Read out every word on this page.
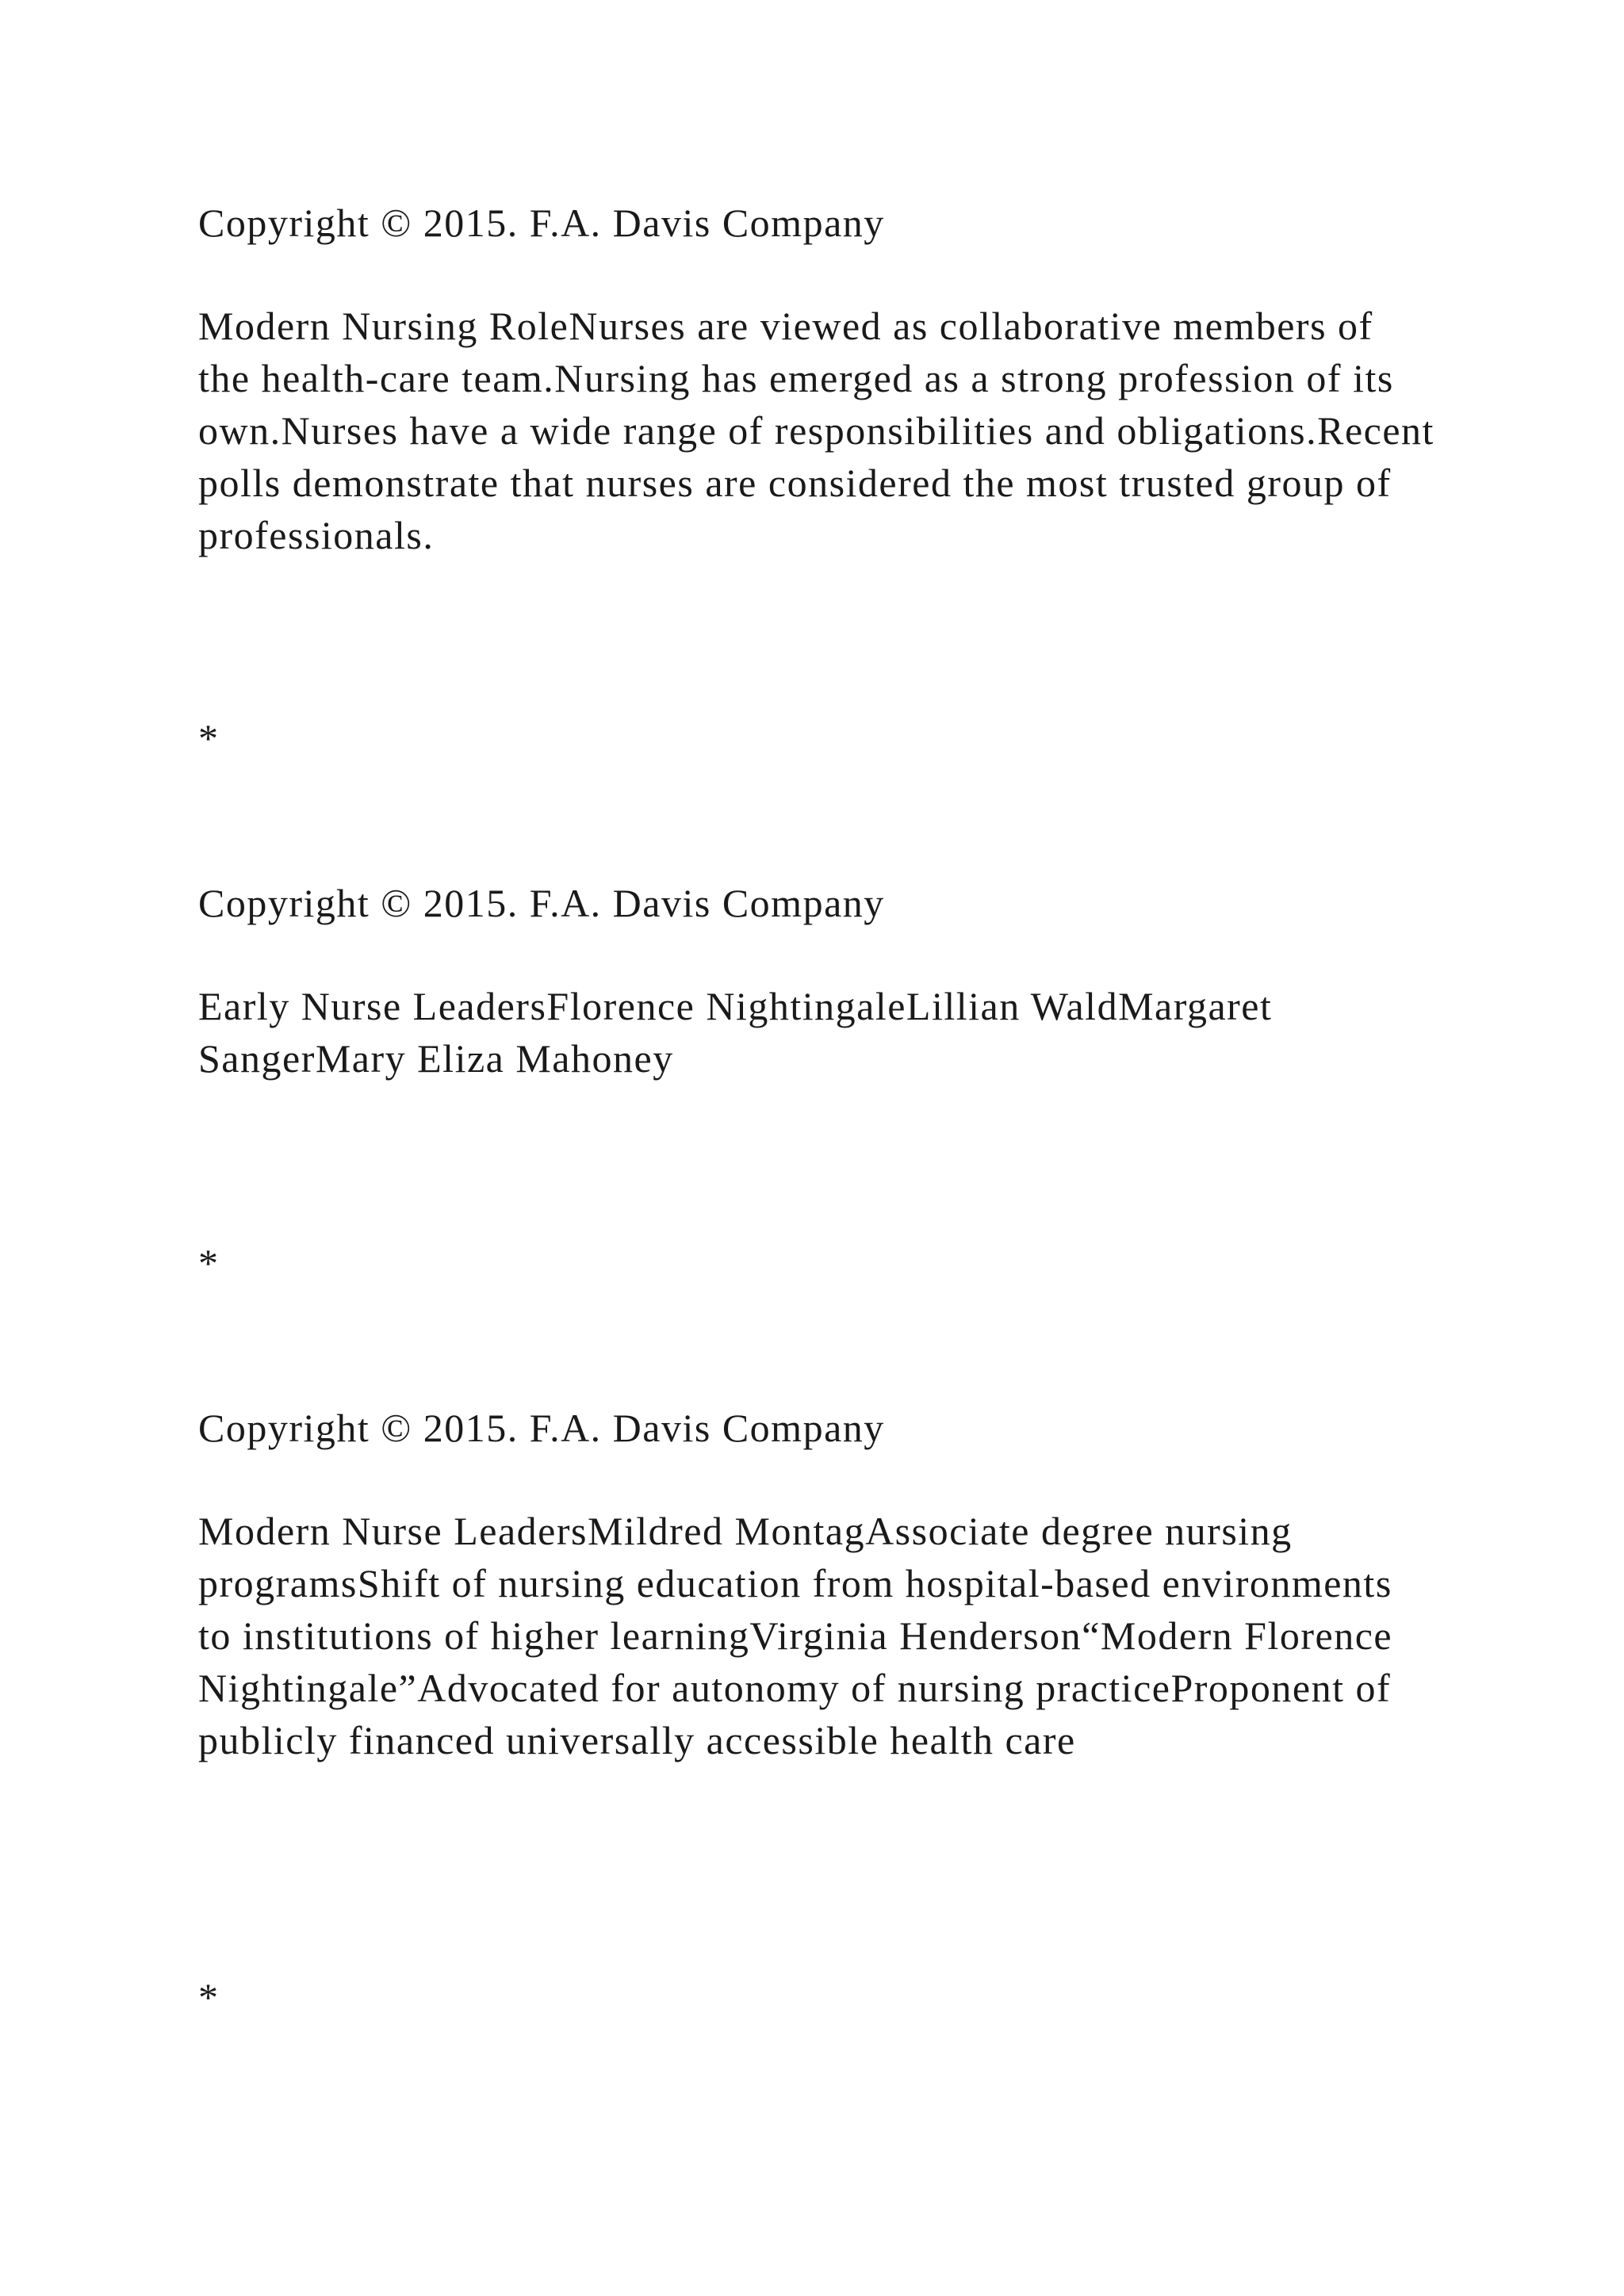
Copyright © 2015. F.A. Davis Company

Modern Nursing RoleNurses are viewed as collaborative members of the health-care team.Nursing has emerged as a strong profession of its own.Nurses have a wide range of responsibilities and obligations.Recent polls demonstrate that nurses are considered the most trusted group of professionals.

*

Copyright © 2015. F.A. Davis Company

Early Nurse LeadersFlorence NightingaleLillian WaldMargaret SangerMary Eliza Mahoney

*

Copyright © 2015. F.A. Davis Company

Modern Nurse LeadersMildred MontagAssociate degree nursing programsShift of nursing education from hospital-based environments to institutions of higher learningVirginia Henderson“Modern Florence Nightingale”Advocated for autonomy of nursing practiceProponent of publicly financed universally accessible health care

*
